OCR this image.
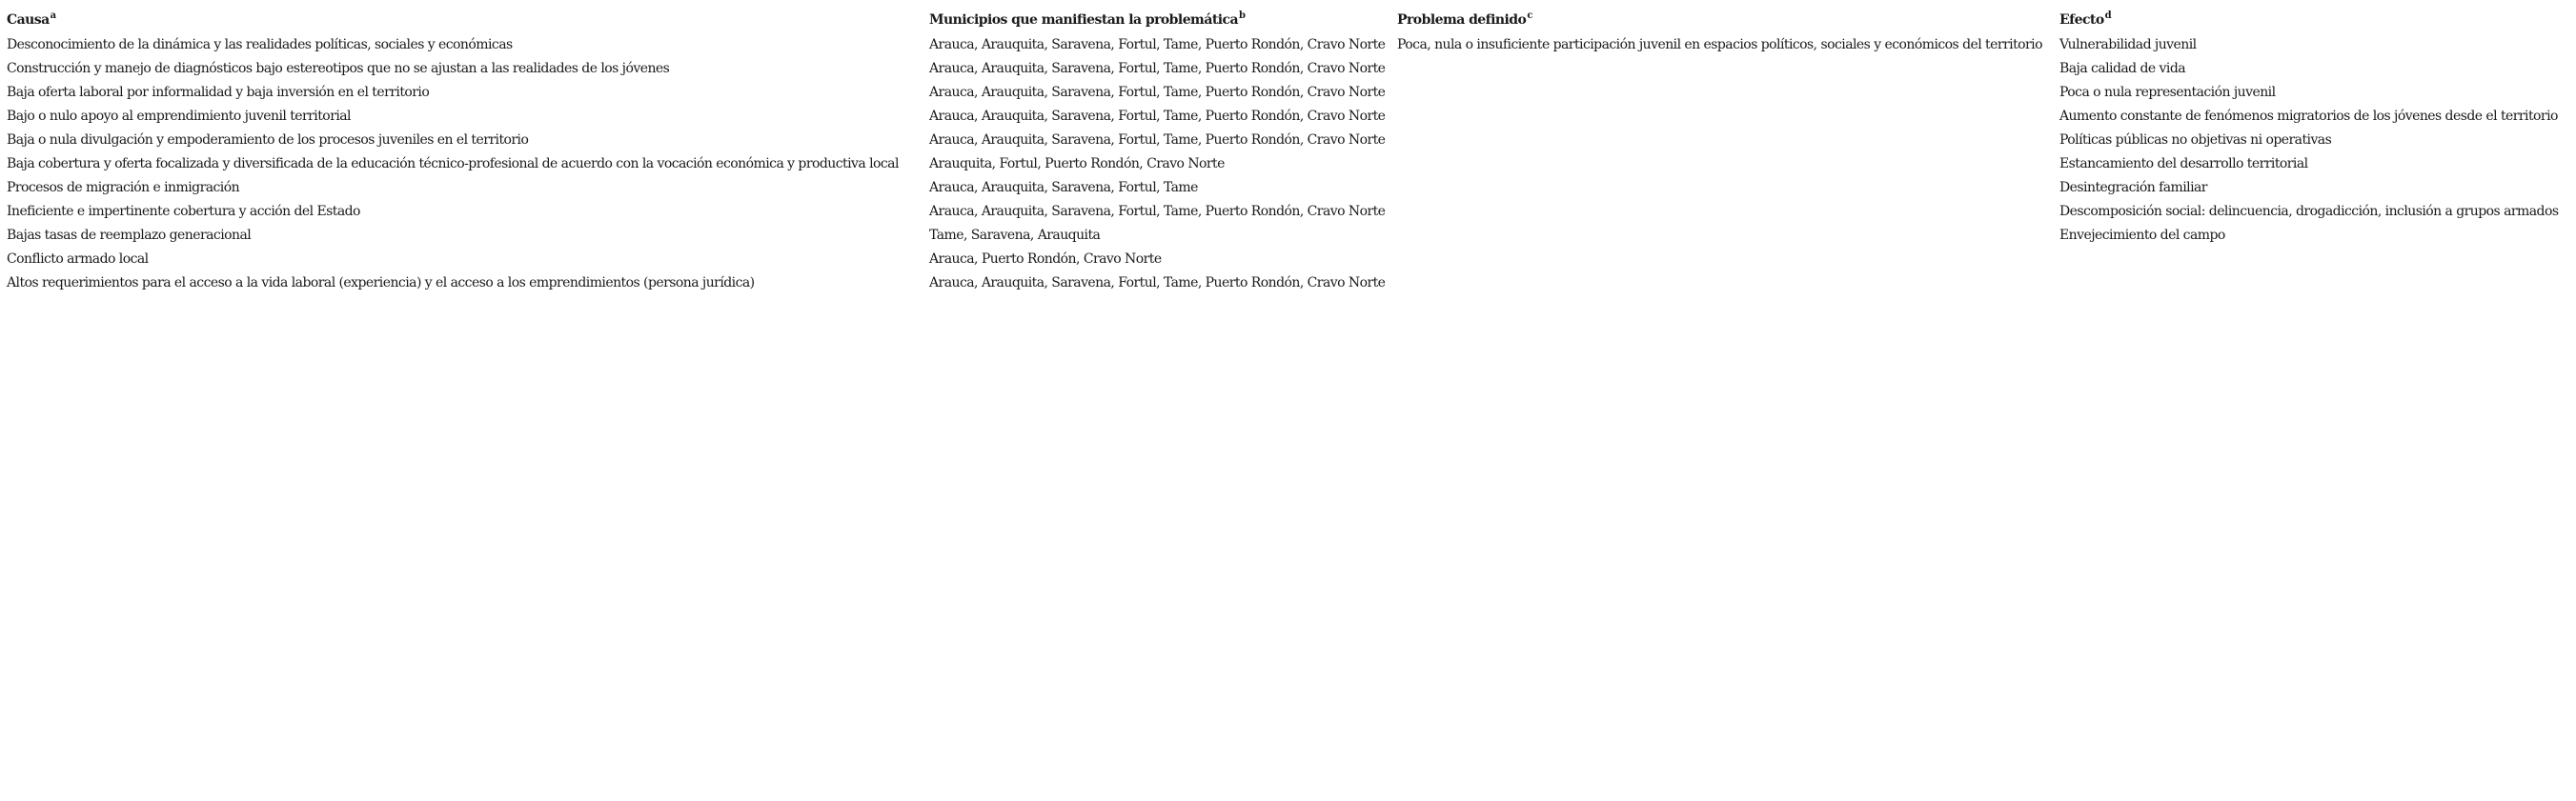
Causa$^a$	Municipios que manifiestan la problemática$^b$	Problema definido$^c$	Efecto$^d$
Desconocimiento de la dinámica y las realidades políticas, sociales y económicas	Arauca, Arauquita, Saravena, Fortul, Tame, Puerto Rondón, Cravo Norte	Poca, nula o insuficiente participación juvenil en espacios políticos, sociales y económicos del territorio	Vulnerabilidad juvenil
Construcción y manejo de diagnósticos bajo estereotipos que no se ajustan a las realidades de los jóvenes	Arauca, Arauquita, Saravena, Fortul, Tame, Puerto Rondón, Cravo Norte		Baja calidad de vida
Baja oferta laboral por informalidad y baja inversión en el territorio	Arauca, Arauquita, Saravena, Fortul, Tame, Puerto Rondón, Cravo Norte		Poca o nula representación juvenil
Bajo o nulo apoyo al emprendimiento juvenil territorial	Arauca, Arauquita, Saravena, Fortul, Tame, Puerto Rondón, Cravo Norte		Aumento constante de fenómenos migratorios de los jóvenes desde el territorio
Baja o nula divulgación y empoderamiento de los procesos juveniles en el territorio	Arauca, Arauquita, Saravena, Fortul, Tame, Puerto Rondón, Cravo Norte		Políticas públicas no objetivas ni operativas
Baja cobertura y oferta focalizada y diversificada de la educación técnico-profesional de acuerdo con la vocación económica y productiva local	Arauquita, Fortul, Puerto Rondón, Cravo Norte		Estancamiento del desarrollo territorial
Procesos de migración e inmigración	Arauca, Arauquita, Saravena, Fortul, Tame		Desintegración familiar
Ineficiente e impertinente cobertura y acción del Estado	Arauca, Arauquita, Saravena, Fortul, Tame, Puerto Rondón, Cravo Norte		Descomposición social: delincuencia, drogadicción, inclusión a grupos armados
Bajas tasas de reemplazo generacional	Tame, Saravena, Arauquita		Envejecimiento del campo
Conflicto armado local	Arauca, Puerto Rondón, Cravo Norte		
Altos requerimientos para el acceso a la vida laboral (experiencia) y el acceso a los emprendimientos (persona jurídica)	Arauca, Arauquita, Saravena, Fortul, Tame, Puerto Rondón, Cravo Norte		
